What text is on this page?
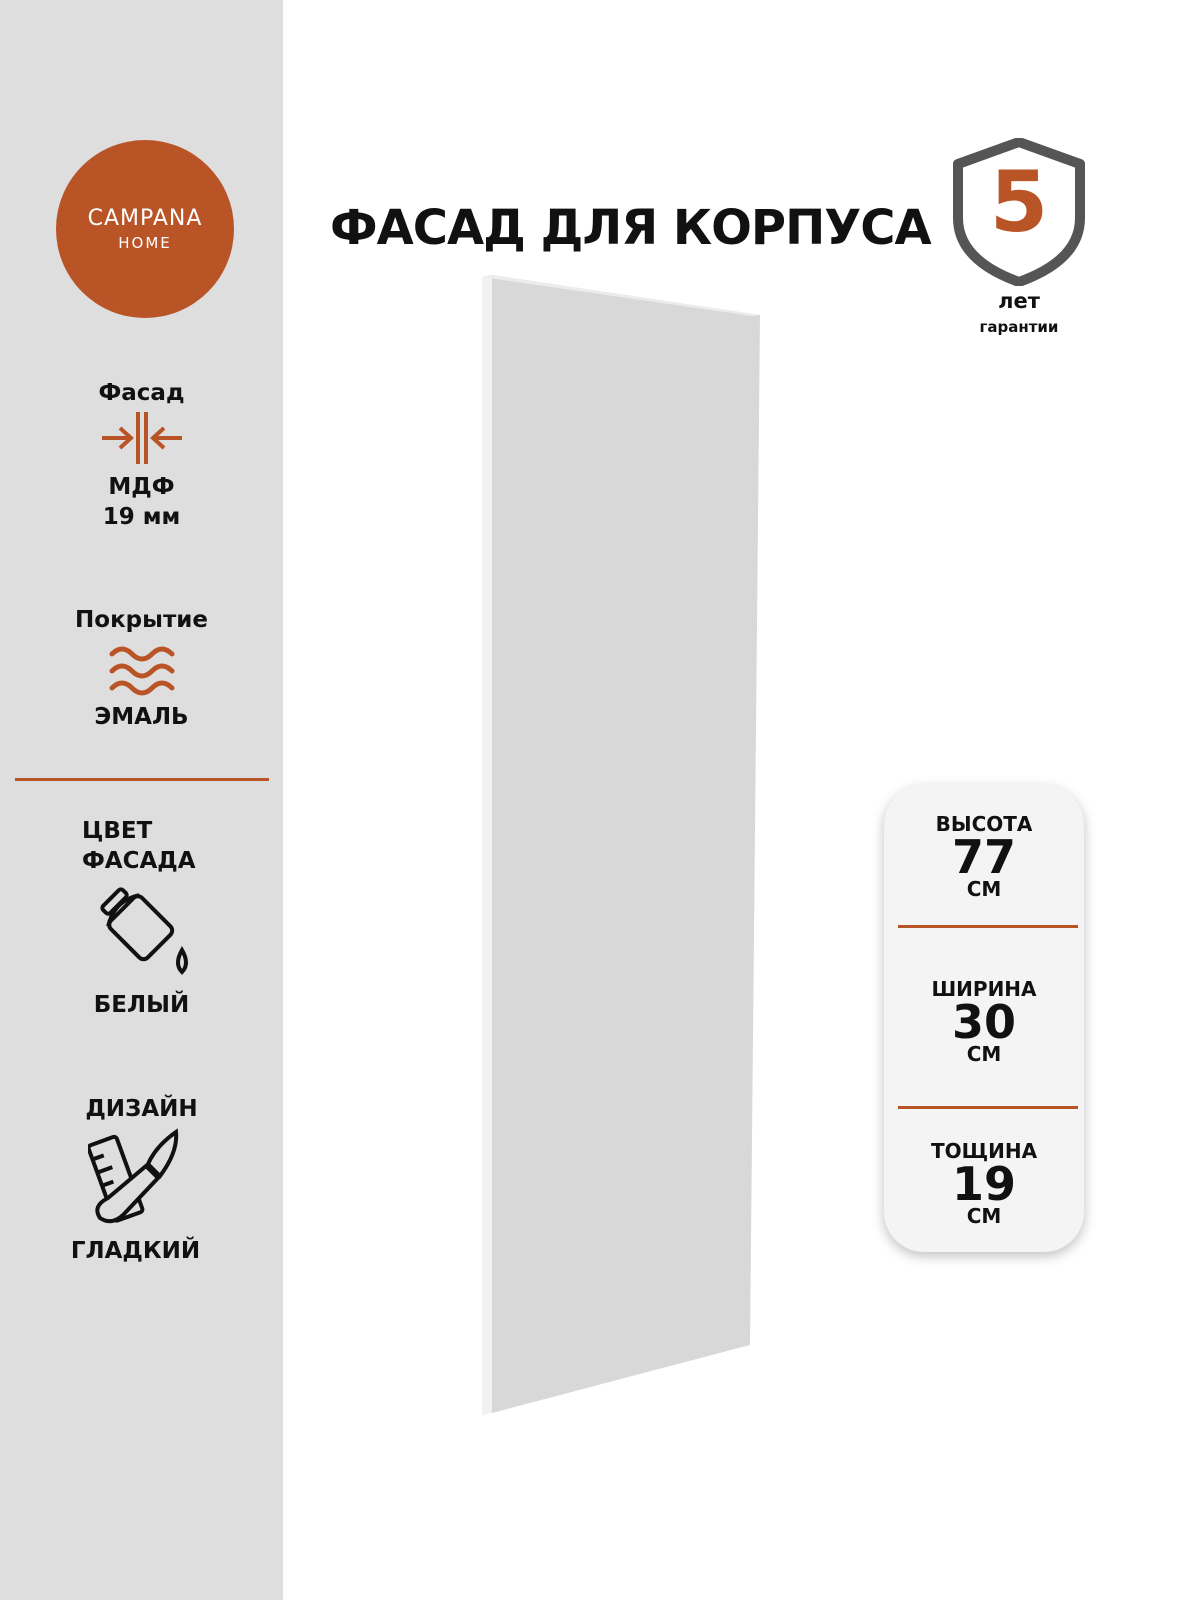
CAMPANA
HOME
Фасад
МДФ
19 мм
Покрытие
ЭМАЛЬ
ЦВЕТ
ФАСАДА
БЕЛЫЙ
ДИЗАЙН
ГЛАДКИЙ
ФАСАД ДЛЯ КОРПУСА 5
лет
гарантии
ВЫСОТА
77
СМ
ШИРИНА
30
СМ
ТОЩИНА
19
СМ
